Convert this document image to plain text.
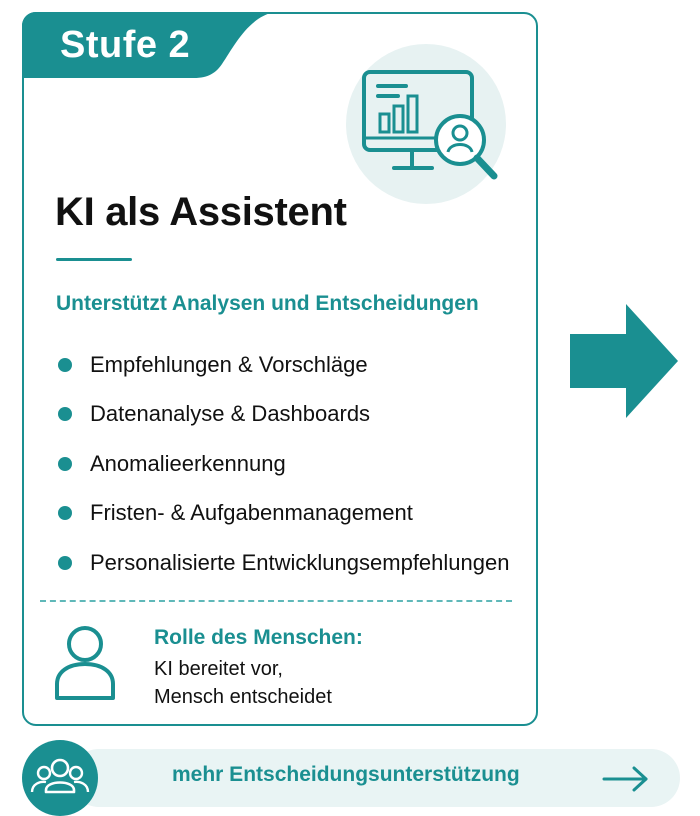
Stufe 2
KI als Assistent
Unterstützt Analysen und Entscheidungen
Empfehlungen & Vorschläge
Datenanalyse & Dashboards
Anomalieerkennung
Fristen- & Aufgabenmanagement
Personalisierte Entwicklungsempfehlungen
Rolle des Menschen:
KI bereitet vor,
Mensch entscheidet
mehr Entscheidungsunterstützung
